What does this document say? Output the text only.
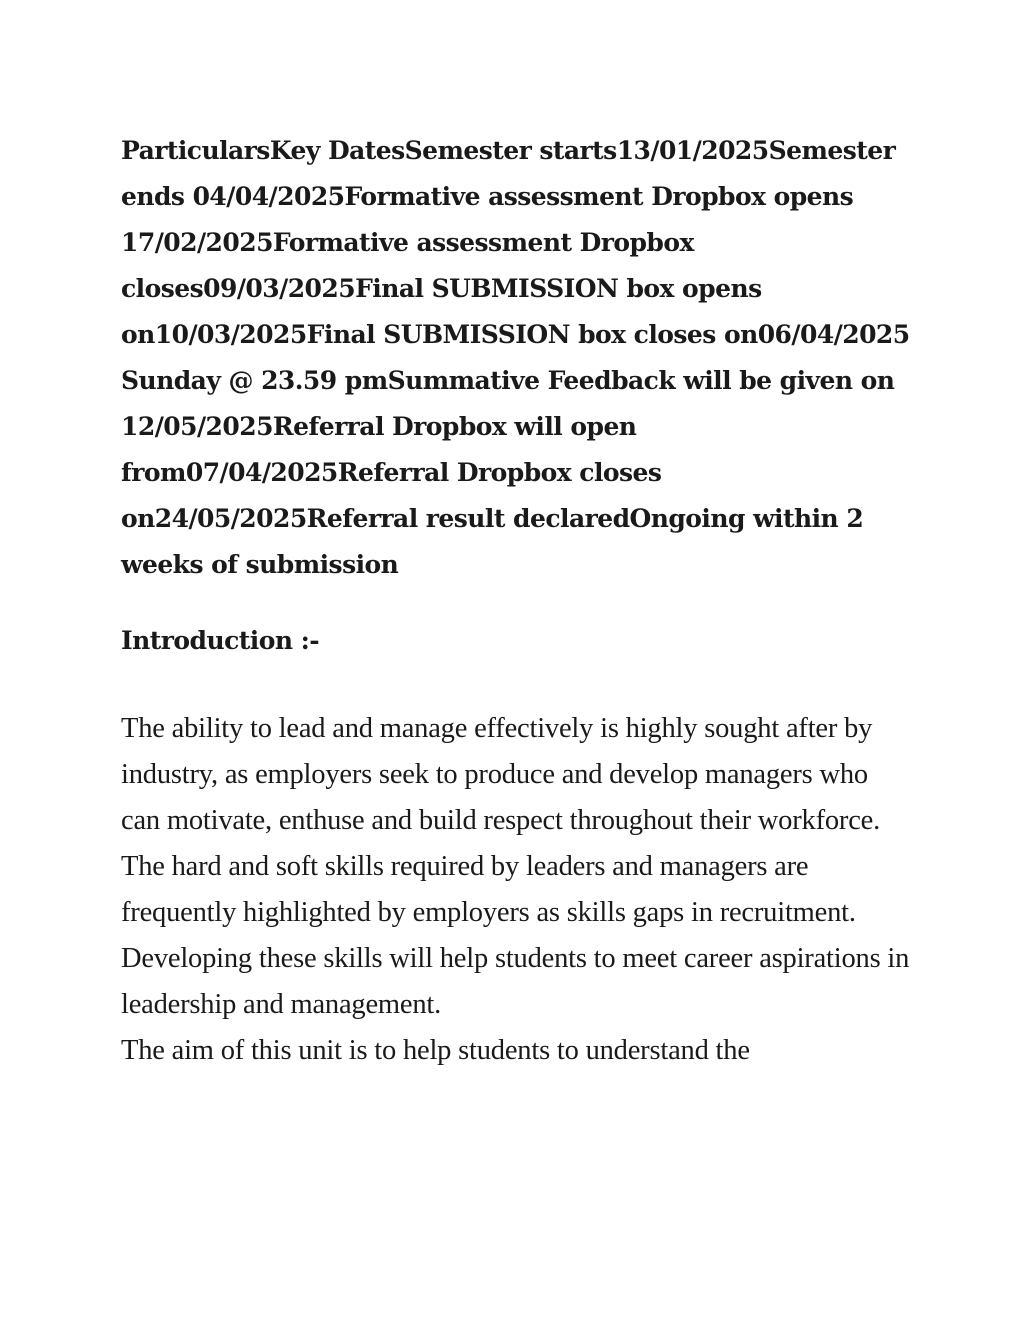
ParticularsKey DatesSemester starts13/01/2025Semester ends 04/04/2025Formative assessment Dropbox opens 17/02/2025Formative assessment Dropbox closes09/03/2025Final SUBMISSION box opens on10/03/2025Final SUBMISSION box closes on06/04/2025 Sunday @ 23.59 pmSummative Feedback will be given on 12/05/2025Referral Dropbox will open from07/04/2025Referral Dropbox closes on24/05/2025Referral result declaredOngoing within 2 weeks of submission

Introduction :-

The ability to lead and manage effectively is highly sought after by industry, as employers seek to produce and develop managers who can motivate, enthuse and build respect throughout their workforce. The hard and soft skills required by leaders and managers are frequently highlighted by employers as skills gaps in recruitment. Developing these skills will help students to meet career aspirations in leadership and management.

The aim of this unit is to help students to understand the
